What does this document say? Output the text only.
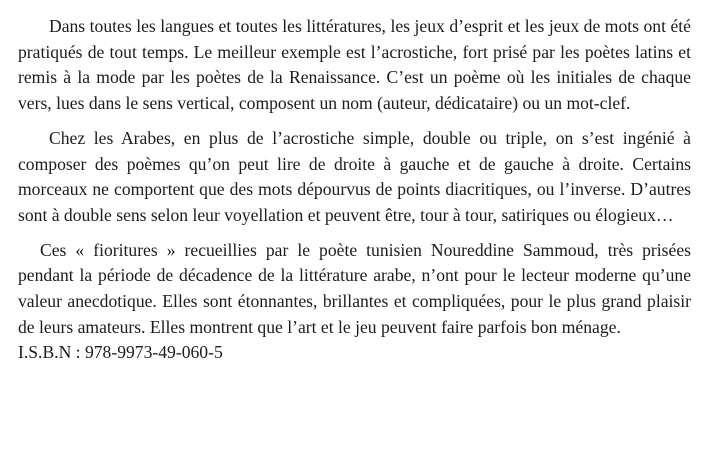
Dans toutes les langues et toutes les littératures, les jeux d’esprit et les jeux de mots ont été pratiqués de tout temps. Le meilleur exemple est l’acrostiche, fort prisé par les poètes latins et remis à la mode par les poètes de la Renaissance. C’est un poème où les initiales de chaque vers, lues dans le sens vertical, composent un nom (auteur, dédicataire) ou un mot-clef.

Chez les Arabes, en plus de l’acrostiche simple, double ou triple, on s’est ingénié à composer des poèmes qu’on peut lire de droite à gauche et de gauche à droite. Certains morceaux ne comportent que des mots dépourvus de points diacritiques, ou l’inverse. D’autres sont à double sens selon leur voyellation et peuvent être, tour à tour, satiriques ou élogieux…

Ces « fioritures » recueillies par le poète tunisien Noureddine Sammoud, très prisées pendant la période de décadence de la littérature arabe, n’ont pour le lecteur moderne qu’une valeur anecdotique. Elles sont étonnantes, brillantes et compliquées, pour le plus grand plaisir de leurs amateurs. Elles montrent que l’art et le jeu peuvent faire parfois bon ménage.

I.S.B.N : 978-9973-49-060-5
